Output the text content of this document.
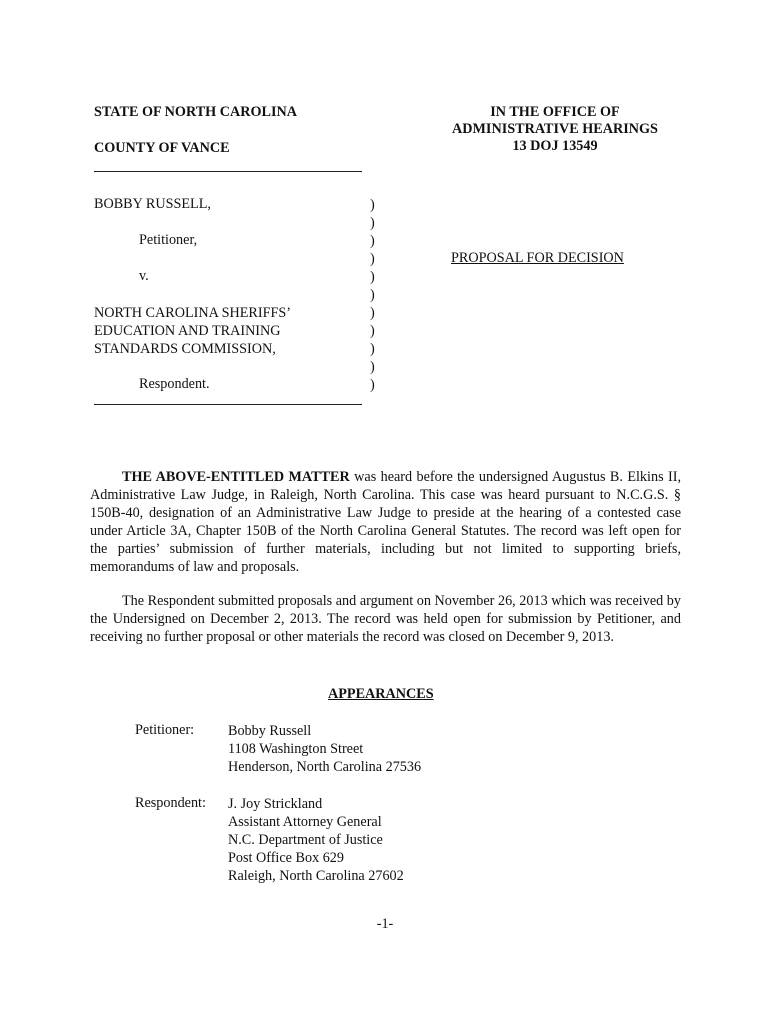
STATE OF NORTH CAROLINA

COUNTY OF VANCE

IN THE OFFICE OF
ADMINISTRATIVE HEARINGS
13 DOJ 13549

BOBBY RUSSELL,

Petitioner,

v.

NORTH CAROLINA SHERIFFS’
EDUCATION AND TRAINING
STANDARDS COMMISSION,

Respondent.

)
)
)
)
)
)
)
)
)
)
)

PROPOSAL FOR DECISION

THE ABOVE-ENTITLED MATTER was heard before the undersigned Augustus B. Elkins II, Administrative Law Judge, in Raleigh, North Carolina. This case was heard pursuant to N.C.G.S. § 150B-40, designation of an Administrative Law Judge to preside at the hearing of a contested case under Article 3A, Chapter 150B of the North Carolina General Statutes. The record was left open for the parties’ submission of further materials, including but not limited to supporting briefs, memorandums of law and proposals.

The Respondent submitted proposals and argument on November 26, 2013 which was received by the Undersigned on December 2, 2013. The record was held open for submission by Petitioner, and receiving no further proposal or other materials the record was closed on December 9, 2013.

APPEARANCES

Petitioner: Bobby Russell
1108 Washington Street
Henderson, North Carolina 27536

Respondent: J. Joy Strickland
Assistant Attorney General
N.C. Department of Justice
Post Office Box 629
Raleigh, North Carolina 27602

-1-
